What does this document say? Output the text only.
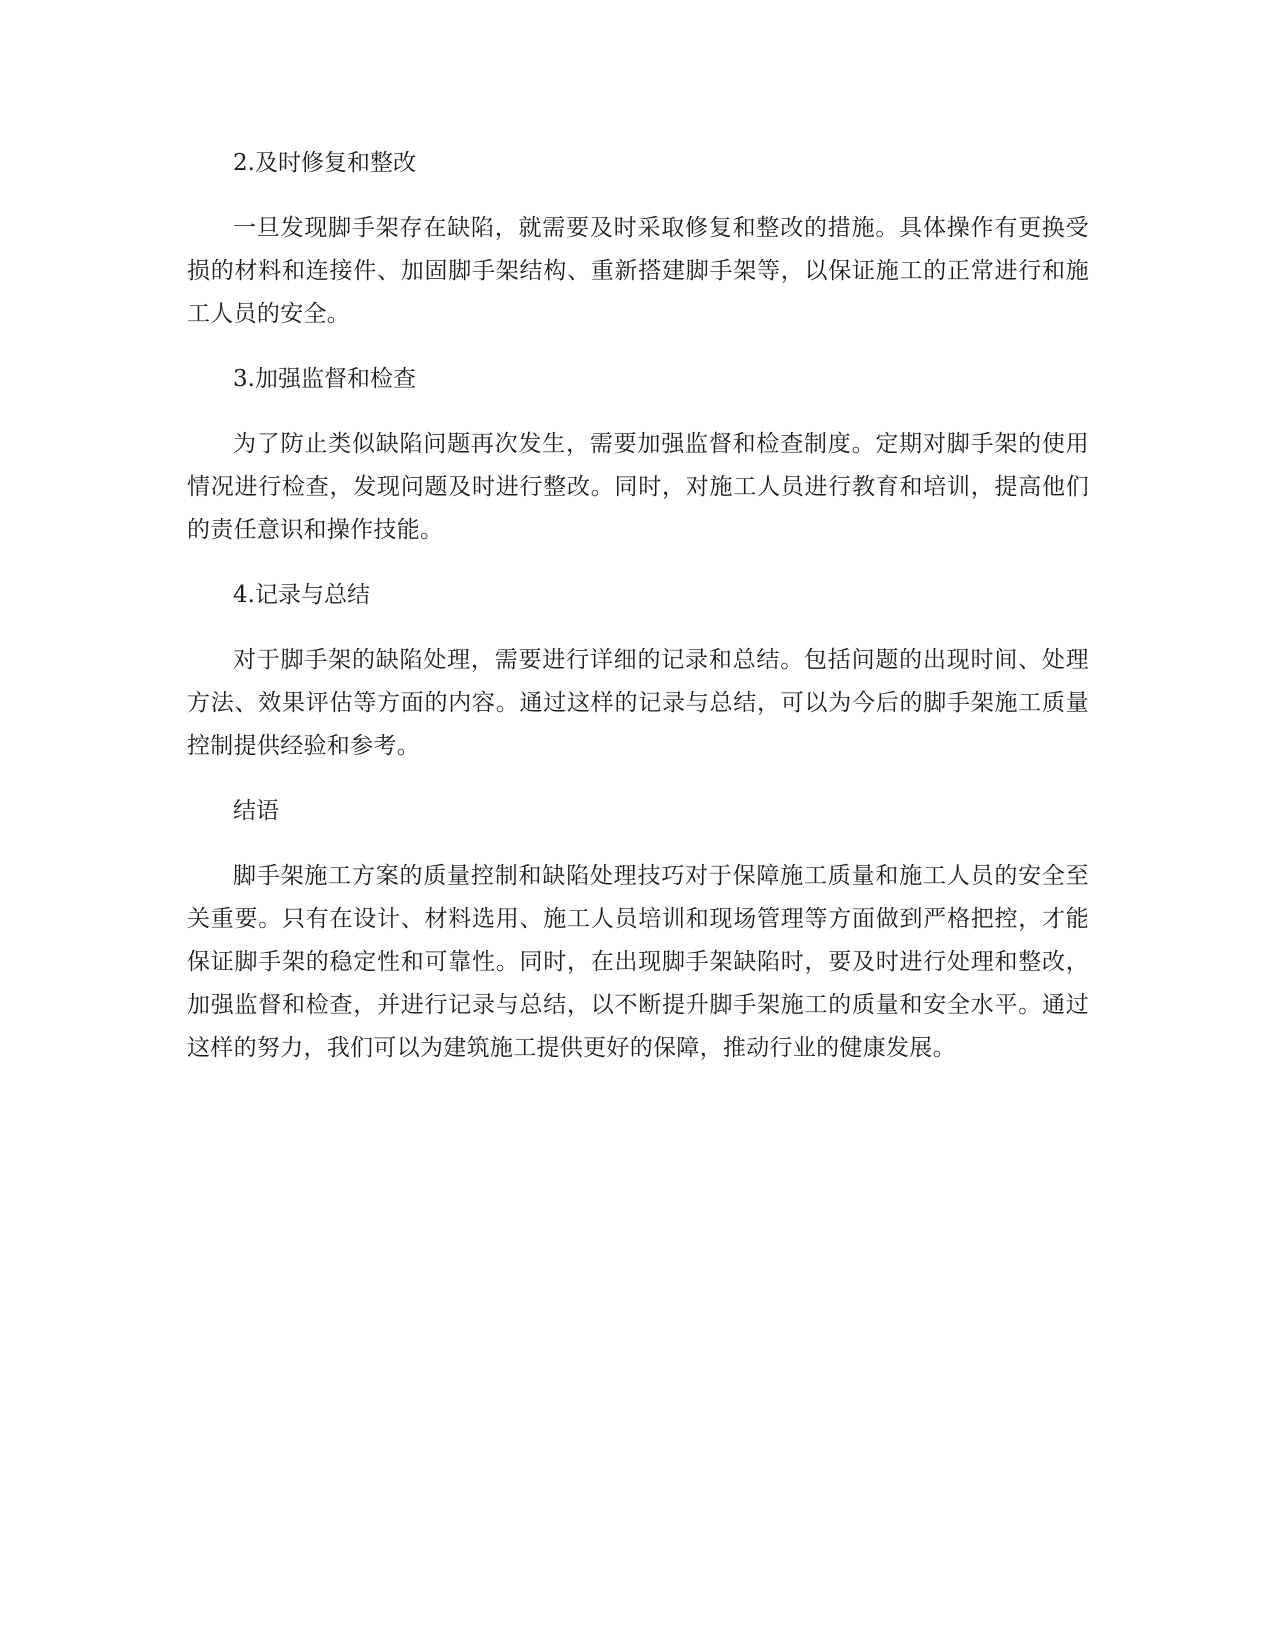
2.及时修复和整改

一旦发现脚手架存在缺陷，就需要及时采取修复和整改的措施。具体操作有更换受损的材料和连接件、加固脚手架结构、重新搭建脚手架等，以保证施工的正常进行和施工人员的安全。

3.加强监督和检查

为了防止类似缺陷问题再次发生，需要加强监督和检查制度。定期对脚手架的使用情况进行检查，发现问题及时进行整改。同时，对施工人员进行教育和培训，提高他们的责任意识和操作技能。

4.记录与总结

对于脚手架的缺陷处理，需要进行详细的记录和总结。包括问题的出现时间、处理方法、效果评估等方面的内容。通过这样的记录与总结，可以为今后的脚手架施工质量控制提供经验和参考。

结语

脚手架施工方案的质量控制和缺陷处理技巧对于保障施工质量和施工人员的安全至关重要。只有在设计、材料选用、施工人员培训和现场管理等方面做到严格把控，才能保证脚手架的稳定性和可靠性。同时，在出现脚手架缺陷时，要及时进行处理和整改，加强监督和检查，并进行记录与总结，以不断提升脚手架施工的质量和安全水平。通过这样的努力，我们可以为建筑施工提供更好的保障，推动行业的健康发展。
